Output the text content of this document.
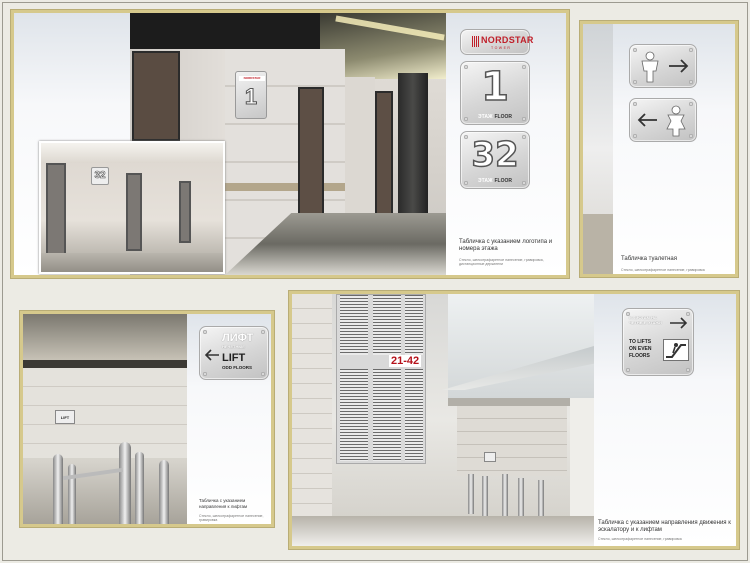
NORDSTAR
1
32
NORDSTAR
TOWER
1
ЭТАЖ FLOOR
32
ЭТАЖ FLOOR
Табличка с указанием логотипа и номера этажа
Стекло, шелкотрафаретное нанесение, гравировка, дистанционные держатели
Табличка туалетная
Стекло, шелкотрафаретное нанесение, гравировка
LIFT
ЛИФТ
НЕЧЕТНЫЕ
LIFT
ODD FLOORS
Табличка с указанием направления к лифтам
Стекло, шелкотрафаретное нанесение, гравировка
21-42
К ЛИФТАМ НА ЧЕТНЫЕ ЭТАЖИ
TO LIFTS
ON EVEN
FLOORS
Табличка с указанием направления движения к эскалатору и к лифтам
Стекло, шелкотрафаретное нанесение, гравировка
